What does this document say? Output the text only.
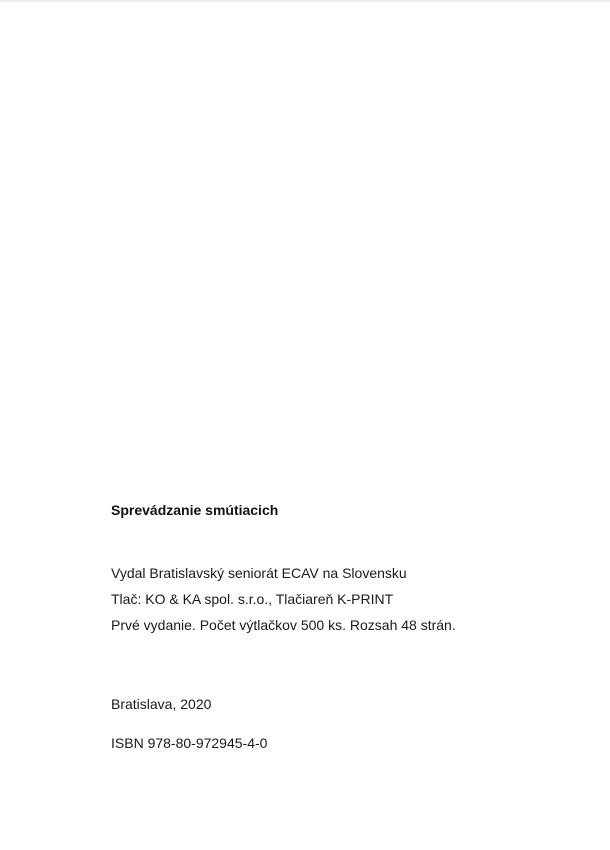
Sprevádzanie smútiacich

Vydal Bratislavský seniorát ECAV na Slovensku

Tlač: KO & KA spol. s.r.o., Tlačiareň K-PRINT

Prvé vydanie. Počet výtlačkov 500 ks. Rozsah 48 strán.

Bratislava, 2020

ISBN 978-80-972945-4-0
